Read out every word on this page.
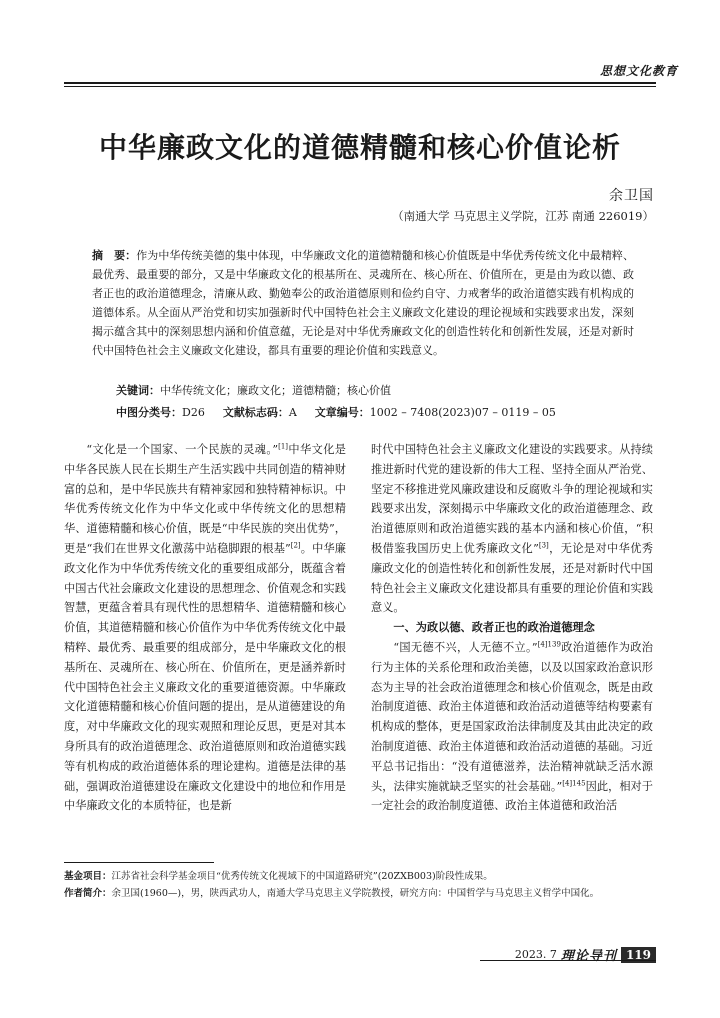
思想文化教育
中华廉政文化的道德精髓和核心价值论析
余卫国
（南通大学 马克思主义学院，江苏 南通 226019）
摘　要：作为中华传统美德的集中体现，中华廉政文化的道德精髓和核心价值既是中华优秀传统文化中最精粹、最优秀、最重要的部分，又是中华廉政文化的根基所在、灵魂所在、核心所在、价值所在，更是由为政以德、政者正也的政治道德理念，清廉从政、勤勉奉公的政治道德原则和俭约自守、力戒奢华的政治道德实践有机构成的道德体系。从全面从严治党和切实加强新时代中国特色社会主义廉政文化建设的理论视域和实践要求出发，深刻揭示蕴含其中的深刻思想内涵和价值意蕴，无论是对中华优秀廉政文化的创造性转化和创新性发展，还是对新时代中国特色社会主义廉政文化建设，都具有重要的理论价值和实践意义。
关键词：中华传统文化；廉政文化；道德精髓；核心价值
中图分类号：D26 文献标志码：A 文章编号：1002 – 7408(2023)07 – 0119 – 05

“文化是一个国家、一个民族的灵魂。”[1]中华文化是中华各民族人民在长期生产生活实践中共同创造的精神财富的总和，是中华民族共有精神家园和独特精神标识。中华优秀传统文化作为中华文化或中华传统文化的思想精华、道德精髓和核心价值，既是“中华民族的突出优势”，更是“我们在世界文化激荡中站稳脚跟的根基”[2]。中华廉政文化作为中华优秀传统文化的重要组成部分，既蕴含着中国古代社会廉政文化建设的思想理念、价值观念和实践智慧，更蕴含着具有现代性的思想精华、道德精髓和核心价值，其道德精髓和核心价值作为中华优秀传统文化中最精粹、最优秀、最重要的组成部分，是中华廉政文化的根基所在、灵魂所在、核心所在、价值所在，更是涵养新时代中国特色社会主义廉政文化的重要道德资源。中华廉政文化道德精髓和核心价值问题的提出，是从道德建设的角度，对中华廉政文化的现实观照和理论反思，更是对其本身所具有的政治道德理念、政治道德原则和政治道德实践等有机构成的政治道德体系的理论建构。道德是法律的基础，强调政治道德建设在廉政文化建设中的地位和作用是中华廉政文化的本质特征，也是新

时代中国特色社会主义廉政文化建设的实践要求。从持续推进新时代党的建设新的伟大工程、坚持全面从严治党、坚定不移推进党风廉政建设和反腐败斗争的理论视域和实践要求出发，深刻揭示中华廉政文化的政治道德理念、政治道德原则和政治道德实践的基本内涵和核心价值，“积极借鉴我国历史上优秀廉政文化”[3]，无论是对中华优秀廉政文化的创造性转化和创新性发展，还是对新时代中国特色社会主义廉政文化建设都具有重要的理论价值和实践意义。

一、为政以德、政者正也的政治道德理念

“国无德不兴，人无德不立。”$^{[4]139}$政治道德作为政治行为主体的关系伦理和政治美德，以及以国家政治意识形态为主导的社会政治道德理念和核心价值观念，既是由政治制度道德、政治主体道德和政治活动道德等结构要素有机构成的整体，更是国家政治法律制度及其由此决定的政治制度道德、政治主体道德和政治活动道德的基础。习近平总书记指出：“没有道德滋养，法治精神就缺乏活水源头，法律实施就缺乏坚实的社会基础。”$^{[4]145}$因此，相对于一定社会的政治制度道德、政治主体道德和政治活

基金项目：江苏省社会科学基金项目“优秀传统文化视域下的中国道路研究”(20ZXB003)阶段性成果。
作者简介：余卫国(1960—)，男，陕西武功人，南通大学马克思主义学院教授，研究方向：中国哲学与马克思主义哲学中国化。
2023. 7 理论导刊 119
